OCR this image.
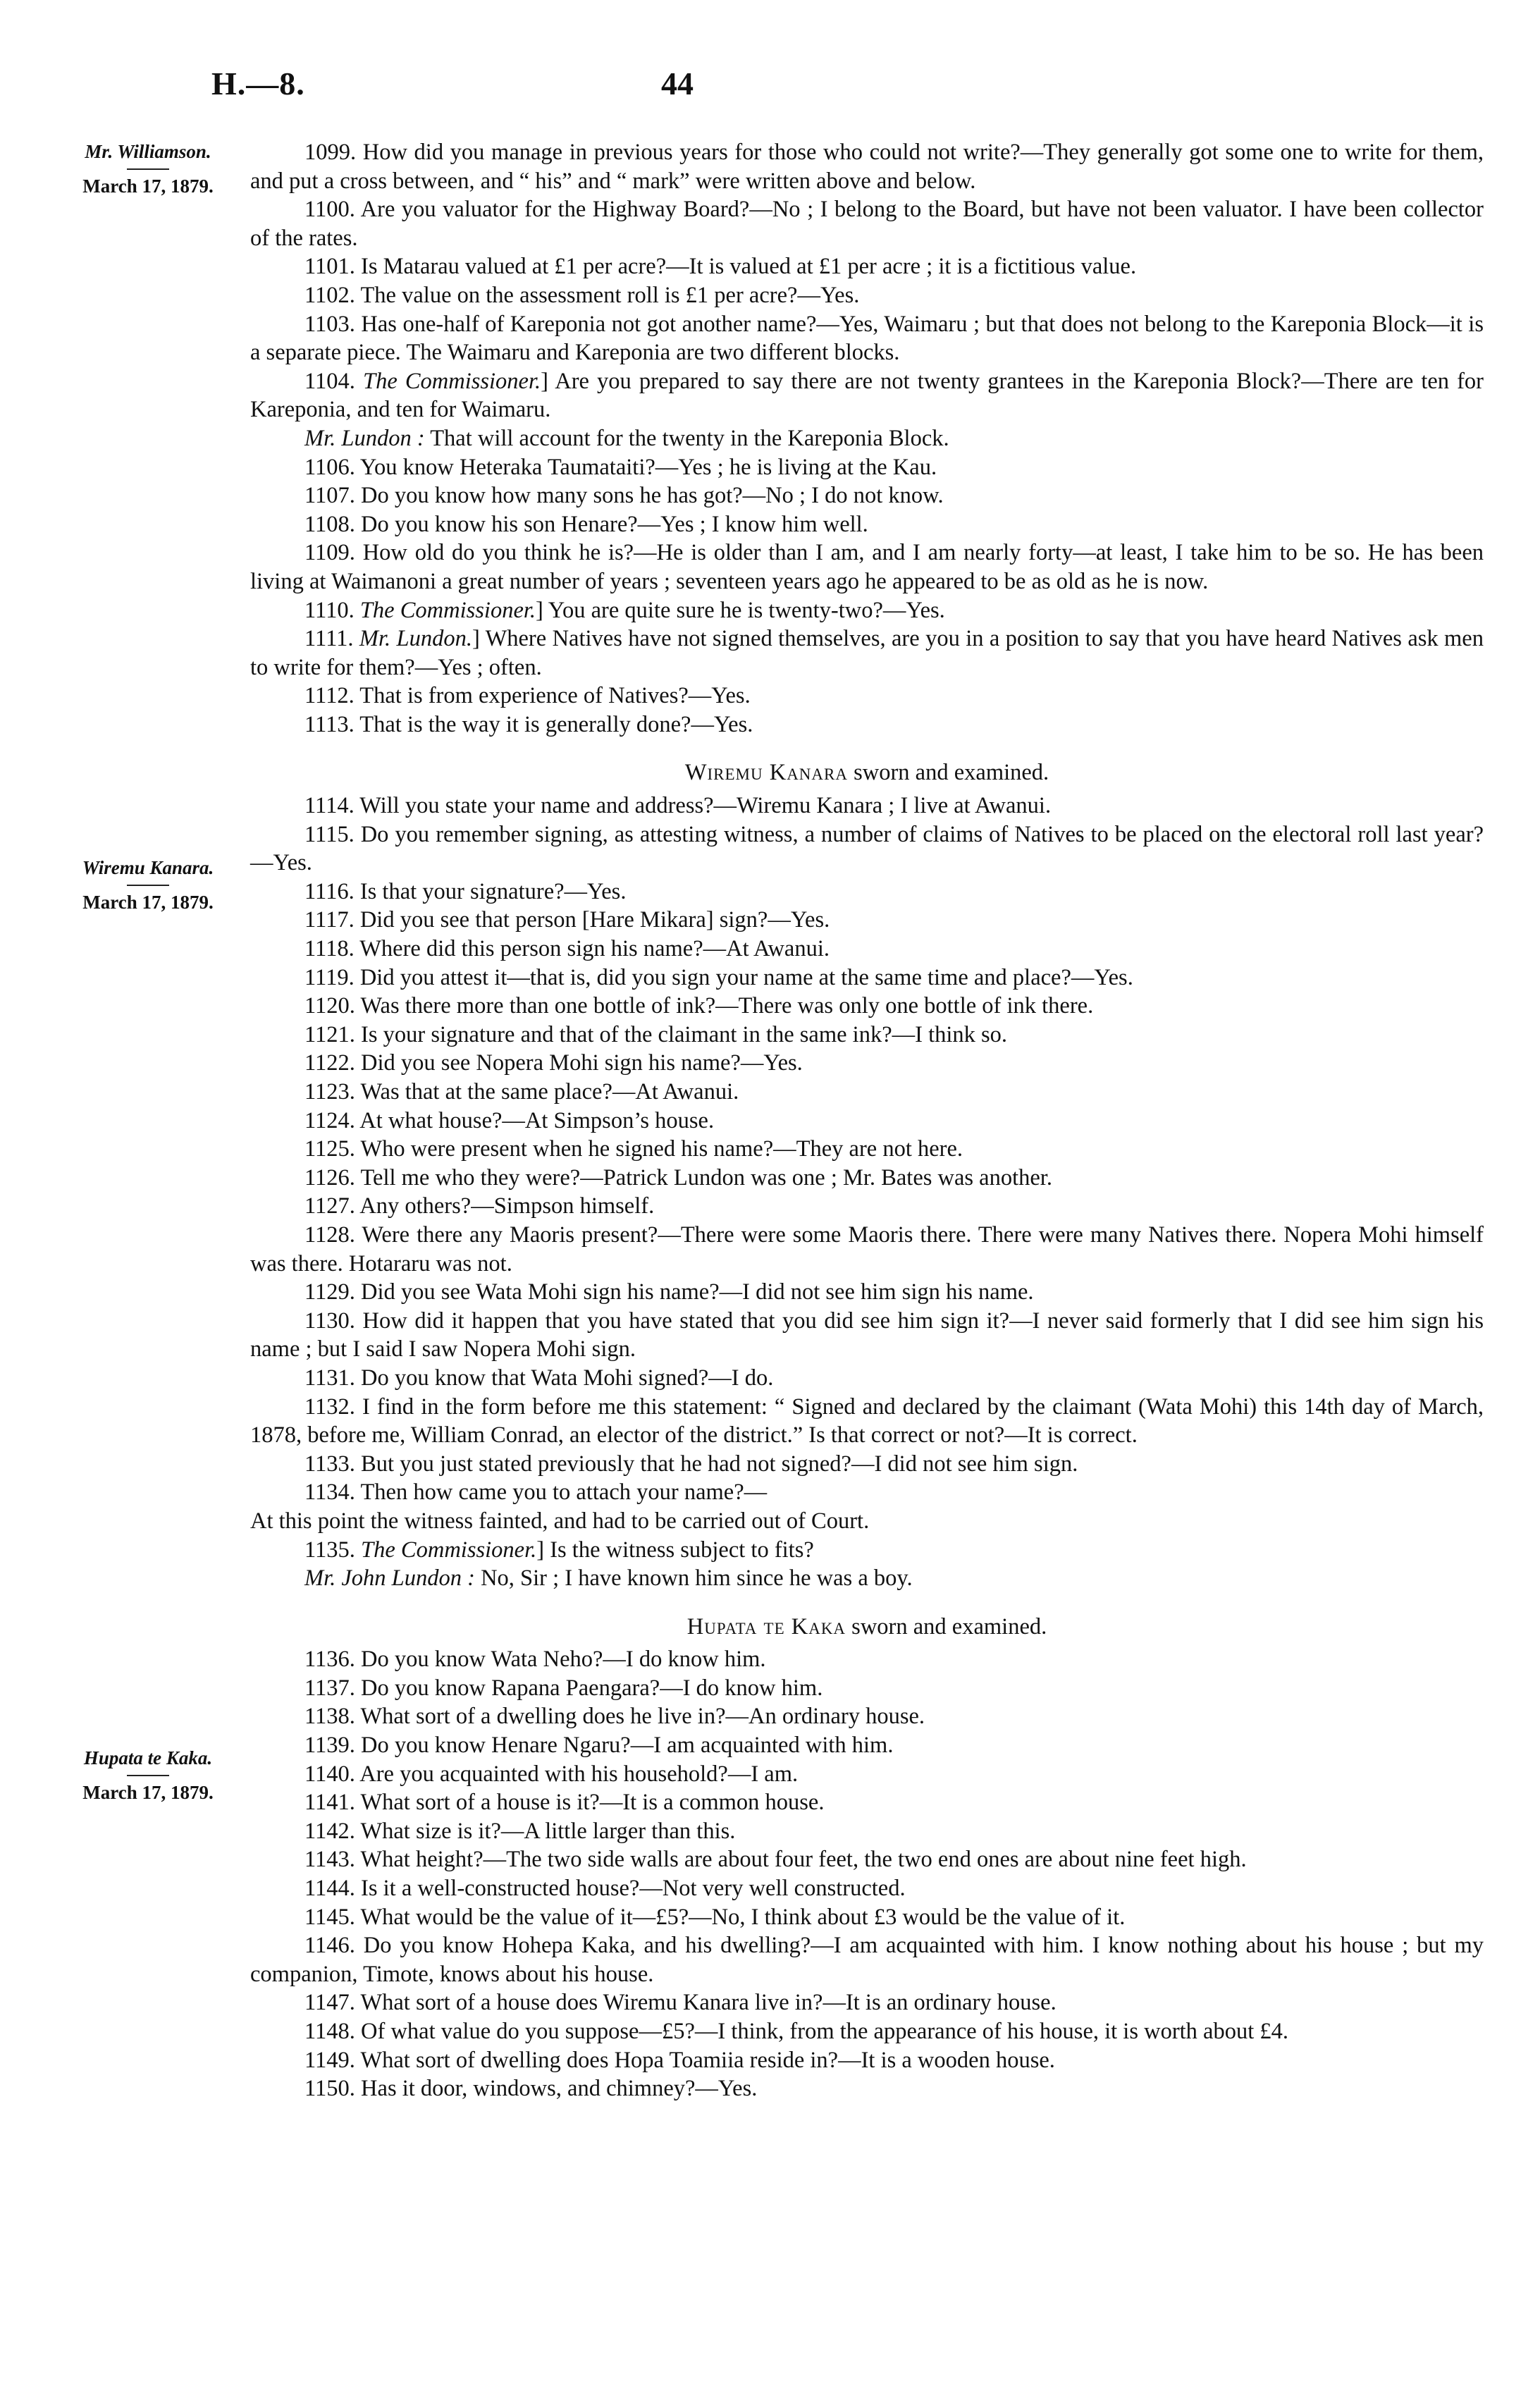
H.—8.	44
Mr. Williamson.
March 17, 1879.
Wiremu Kanara.
March 17, 1879.
Hupata te Kaka.
March 17, 1879.

1099. How did you manage in previous years for those who could not write?—They generally got some one to write for them, and put a cross between, and “ his” and “ mark” were written above and below.

1100. Are you valuator for the Highway Board?—No ; I belong to the Board, but have not been valuator. I have been collector of the rates.

1101. Is Matarau valued at £1 per acre?—It is valued at £1 per acre ; it is a fictitious value.

1102. The value on the assessment roll is £1 per acre?—Yes.

1103. Has one-half of Kareponia not got another name?—Yes, Waimaru ; but that does not belong to the Kareponia Block—it is a separate piece. The Waimaru and Kareponia are two different blocks.

1104. The Commissioner.] Are you prepared to say there are not twenty grantees in the Kareponia Block?—There are ten for Kareponia, and ten for Waimaru.

Mr. Lundon : That will account for the twenty in the Kareponia Block.

1106. You know Heteraka Taumataiti?—Yes ; he is living at the Kau.

1107. Do you know how many sons he has got?—No ; I do not know.

1108. Do you know his son Henare?—Yes ; I know him well.

1109. How old do you think he is?—He is older than I am, and I am nearly forty—at least, I take him to be so. He has been living at Waimanoni a great number of years ; seventeen years ago he appeared to be as old as he is now.

1110. The Commissioner.] You are quite sure he is twenty-two?—Yes.

1111. Mr. Lundon.] Where Natives have not signed themselves, are you in a position to say that you have heard Natives ask men to write for them?—Yes ; often.

1112. That is from experience of Natives?—Yes.

1113. That is the way it is generally done?—Yes.

Wiremu Kanara sworn and examined.

1114. Will you state your name and address?—Wiremu Kanara ; I live at Awanui.

1115. Do you remember signing, as attesting witness, a number of claims of Natives to be placed on the electoral roll last year?—Yes.

1116. Is that your signature?—Yes.

1117. Did you see that person [Hare Mikara] sign?—Yes.

1118. Where did this person sign his name?—At Awanui.

1119. Did you attest it—that is, did you sign your name at the same time and place?—Yes.

1120. Was there more than one bottle of ink?—There was only one bottle of ink there.

1121. Is your signature and that of the claimant in the same ink?—I think so.

1122. Did you see Nopera Mohi sign his name?—Yes.

1123. Was that at the same place?—At Awanui.

1124. At what house?—At Simpson’s house.

1125. Who were present when he signed his name?—They are not here.

1126. Tell me who they were?—Patrick Lundon was one ; Mr. Bates was another.

1127. Any others?—Simpson himself.

1128. Were there any Maoris present?—There were some Maoris there. There were many Natives there. Nopera Mohi himself was there. Hotararu was not.

1129. Did you see Wata Mohi sign his name?—I did not see him sign his name.

1130. How did it happen that you have stated that you did see him sign it?—I never said formerly that I did see him sign his name ; but I said I saw Nopera Mohi sign.

1131. Do you know that Wata Mohi signed?—I do.

1132. I find in the form before me this statement: “ Signed and declared by the claimant (Wata Mohi) this 14th day of March, 1878, before me, William Conrad, an elector of the district.” Is that correct or not?—It is correct.

1133. But you just stated previously that he had not signed?—I did not see him sign.

1134. Then how came you to attach your name?—

At this point the witness fainted, and had to be carried out of Court.

1135. The Commissioner.] Is the witness subject to fits?

Mr. John Lundon : No, Sir ; I have known him since he was a boy.

Hupata te Kaka sworn and examined.

1136. Do you know Wata Neho?—I do know him.

1137. Do you know Rapana Paengara?—I do know him.

1138. What sort of a dwelling does he live in?—An ordinary house.

1139. Do you know Henare Ngaru?—I am acquainted with him.

1140. Are you acquainted with his household?—I am.

1141. What sort of a house is it?—It is a common house.

1142. What size is it?—A little larger than this.

1143. What height?—The two side walls are about four feet, the two end ones are about nine feet high.

1144. Is it a well-constructed house?—Not very well constructed.

1145. What would be the value of it—£5?—No, I think about £3 would be the value of it.

1146. Do you know Hohepa Kaka, and his dwelling?—I am acquainted with him. I know nothing about his house ; but my companion, Timote, knows about his house.

1147. What sort of a house does Wiremu Kanara live in?—It is an ordinary house.

1148. Of what value do you suppose—£5?—I think, from the appearance of his house, it is worth about £4.

1149. What sort of dwelling does Hopa Toamiia reside in?—It is a wooden house.

1150. Has it door, windows, and chimney?—Yes.
